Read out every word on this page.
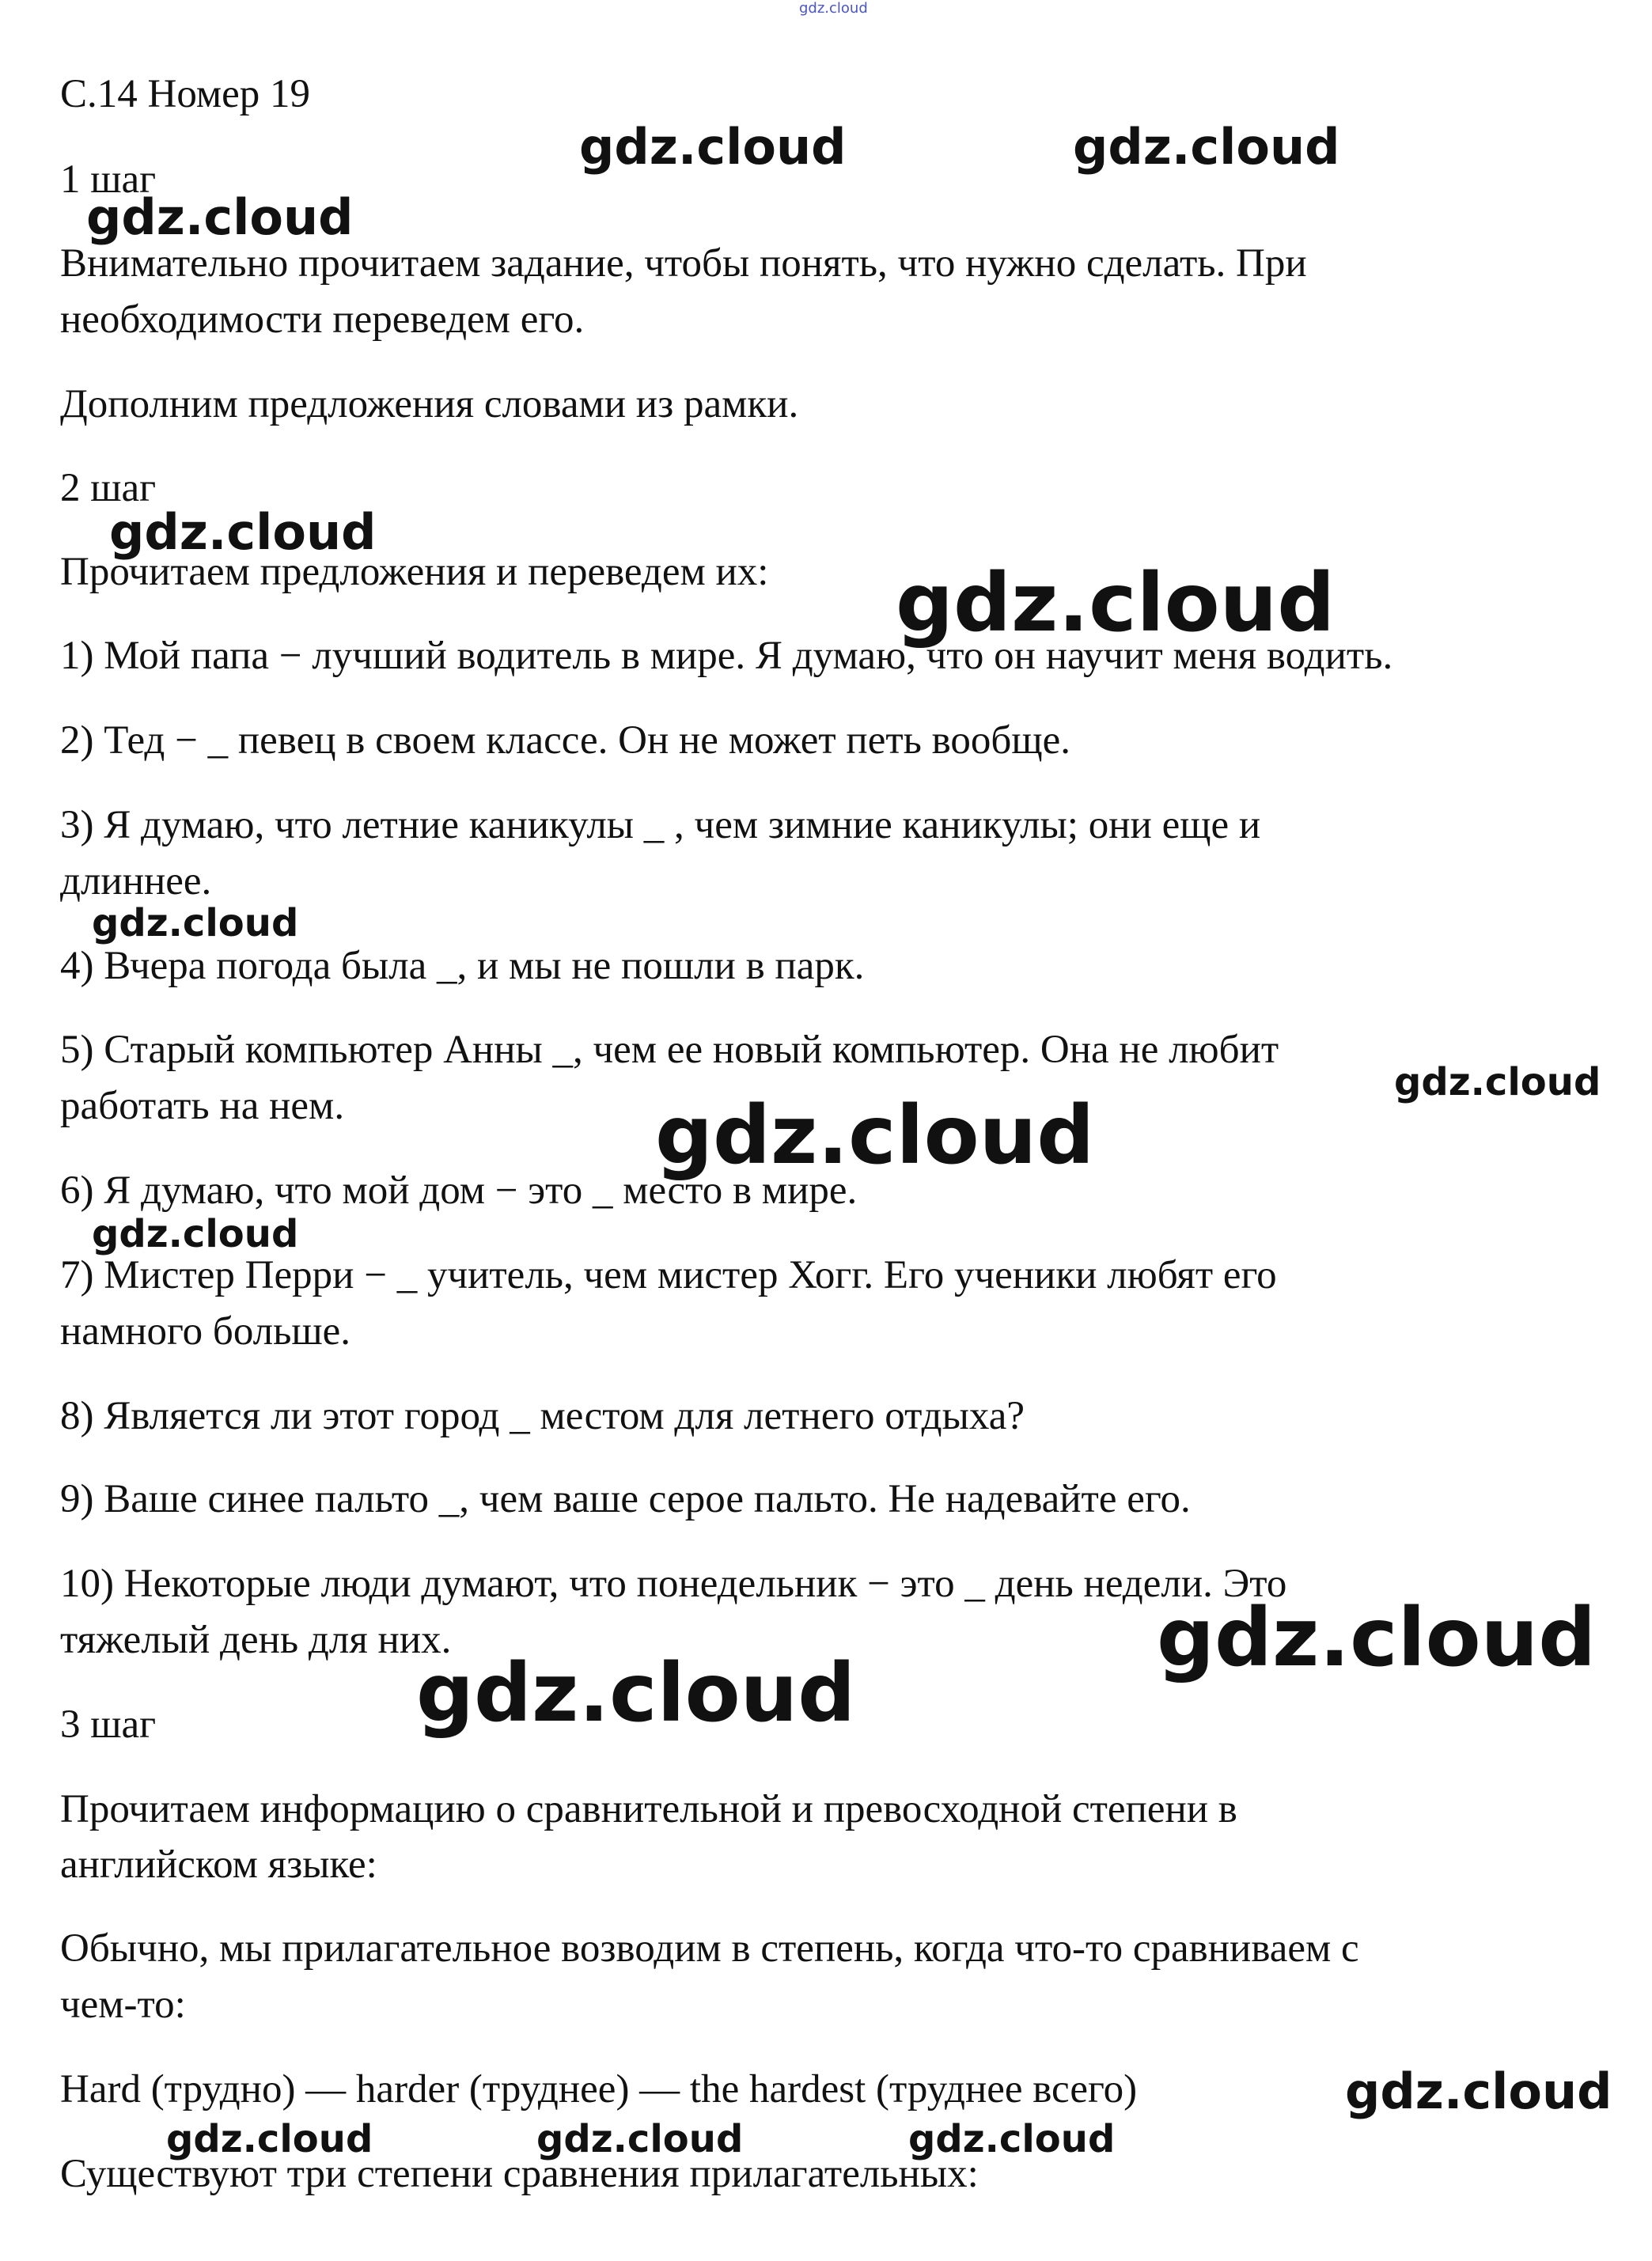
С.14 Номер 19
1 шаг
Внимательно прочитаем задание, чтобы понять, что нужно сделать. При
необходимости переведем его.
Дополним предложения словами из рамки.
2 шаг
Прочитаем предложения и переведем их:
1) Мой папа − лучший водитель в мире. Я думаю, что он научит меня водить.
2) Тед − _ певец в своем классе. Он не может петь вообще.
3) Я думаю, что летние каникулы _ , чем зимние каникулы; они еще и
длиннее.
4) Вчера погода была _, и мы не пошли в парк.
5) Старый компьютер Анны _, чем ее новый компьютер. Она не любит
работать на нем.
6) Я думаю, что мой дом − это _ место в мире.
7) Мистер Перри − _ учитель, чем мистер Хогг. Его ученики любят его
намного больше.
8) Является ли этот город _ местом для летнего отдыха?
9) Ваше синее пальто _, чем ваше серое пальто. Не надевайте его.
10) Некоторые люди думают, что понедельник − это _ день недели. Это
тяжелый день для них.
3 шаг
Прочитаем информацию о сравнительной и превосходной степени в
английском языке:
Обычно, мы прилагательное возводим в степень, когда что-то сравниваем с
чем-то:
Hard (трудно) — harder (труднее) — the hardest (труднее всего)
Существуют три степени сравнения прилагательных:
gdz.cloud
gdz.cloud	gdz.cloud
gdz.cloud
gdz.cloud
gdz.cloud
gdz.cloud
gdz.cloud
gdz.cloud
gdz.cloud
gdz.cloud
gdz.cloud
gdz.cloud
gdz.cloud	gdz.cloud	gdz.cloud
